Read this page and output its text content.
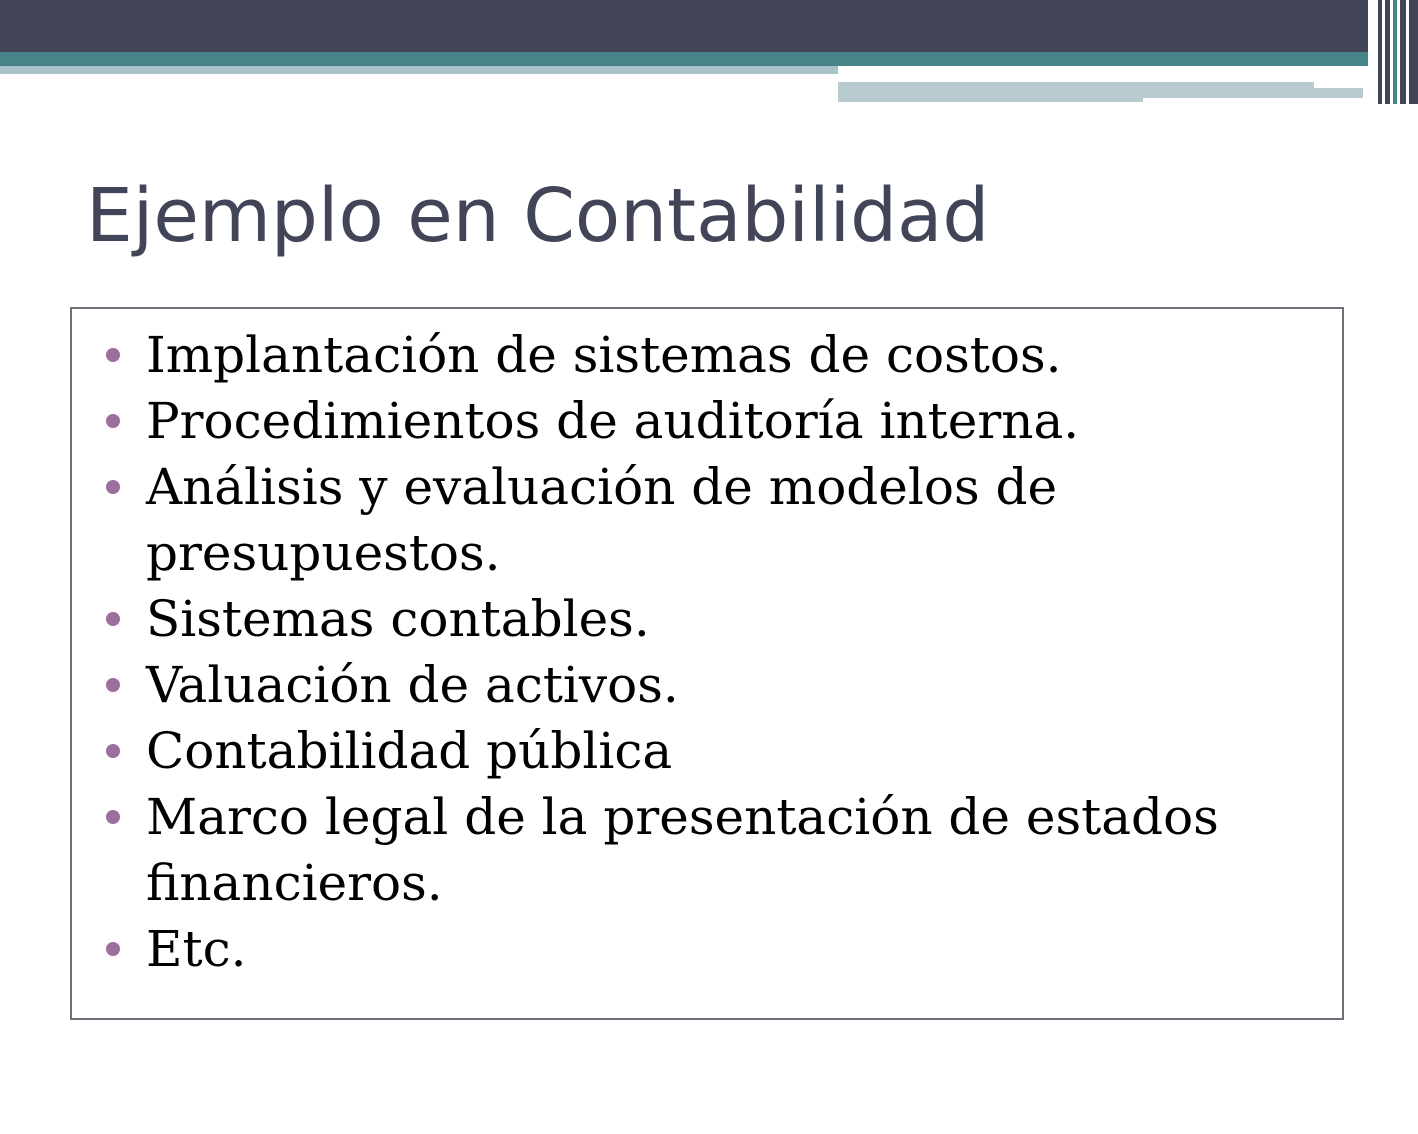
Ejemplo en Contabilidad
Implantación de sistemas de costos.
Procedimientos de auditoría interna.
Análisis y evaluación de modelos de presupuestos.
Sistemas contables.
Valuación de activos.
Contabilidad pública
Marco legal de la presentación de estados financieros.
Etc.
